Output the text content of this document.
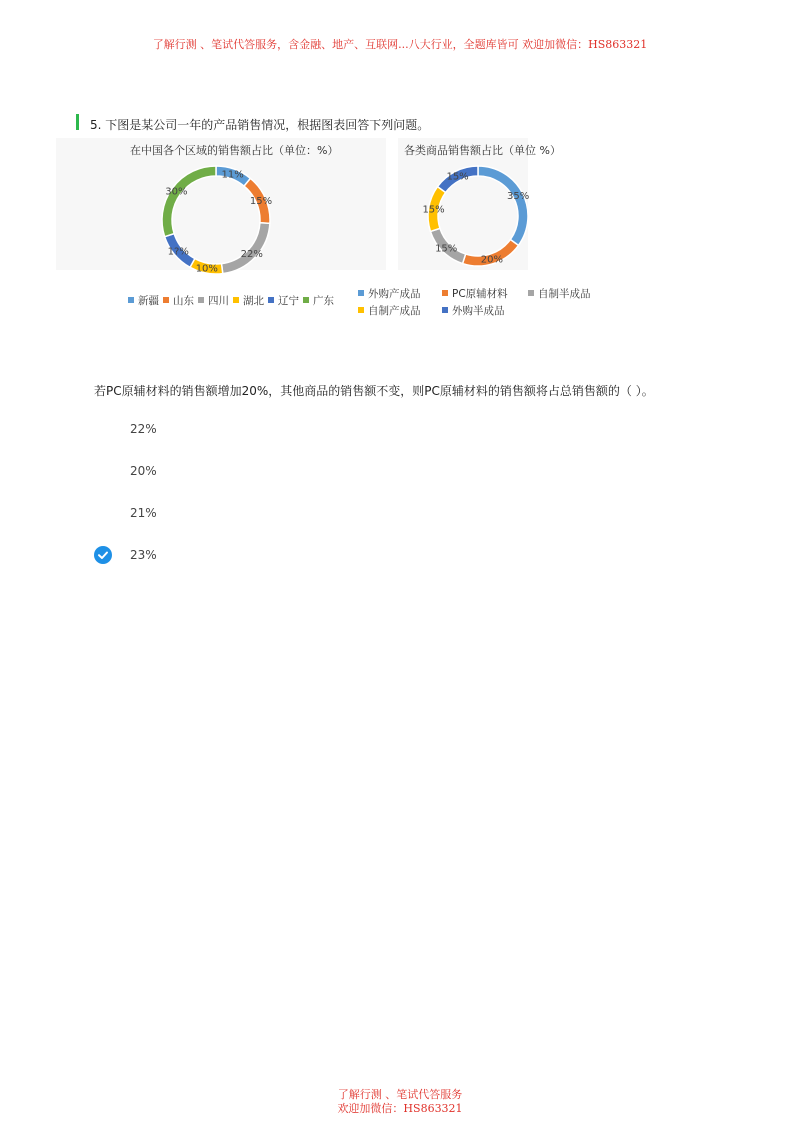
了解行测 、笔试代答服务，含金融、地产、互联网...八大行业，全题库皆可 欢迎加微信：HS863321
5. 下图是某公司一年的产品销售情况，根据图表回答下列问题。
在中国各个区域的销售额占比（单位：%）
11%
15%
22%
10%
1?%
30%
新疆 山东 四川 湖北 辽宁 广东
各类商品销售额占比（单位 %）
35%
20%
15%
15%
15%
外购产成品	PC原辅材料	自制半成品
自制产成品	外购半成品
若PC原辅材料的销售额增加20%，其他商品的销售额不变，则PC原辅材料的销售额将占总销售额的（ ）。
22%
20%
21%
23%
了解行测 、笔试代答服务
欢迎加微信：HS863321
